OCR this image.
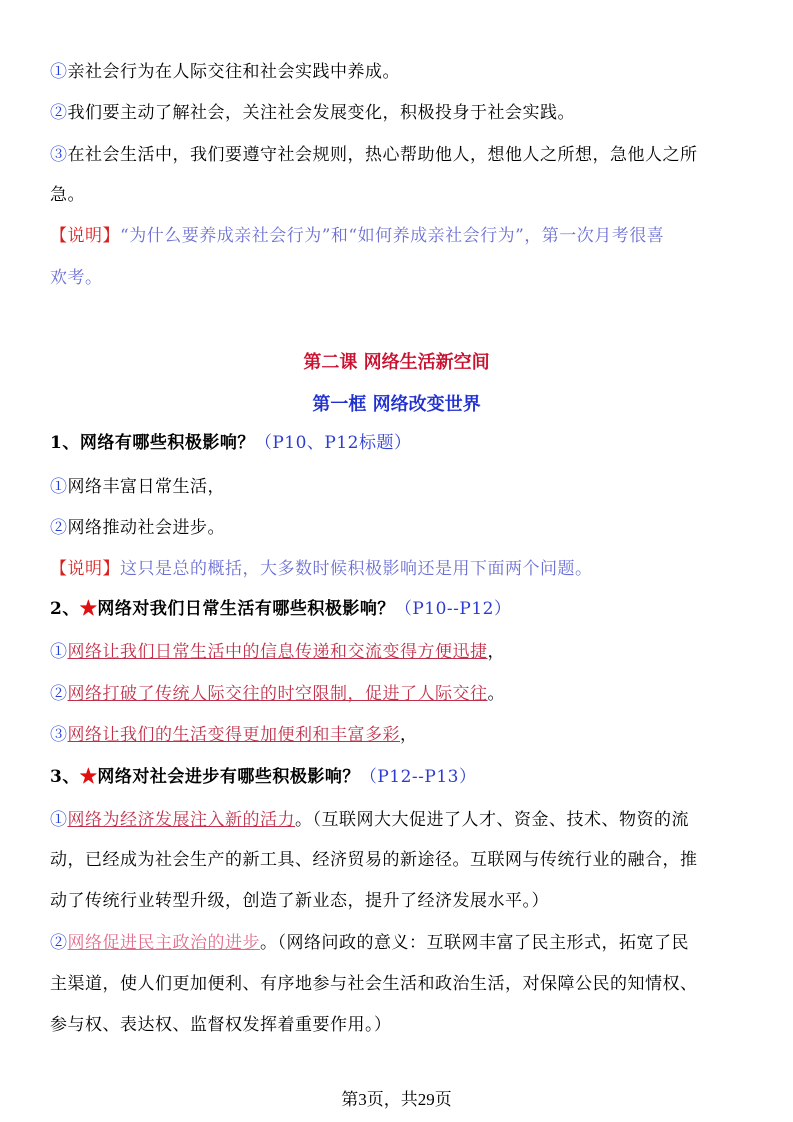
①亲社会行为在人际交往和社会实践中养成。
②我们要主动了解社会，关注社会发展变化，积极投身于社会实践。
③在社会生活中，我们要遵守社会规则，热心帮助他人，想他人之所想，急他人之所
急。
【说明】“为什么要养成亲社会行为”和“如何养成亲社会行为”，第一次月考很喜
欢考。
第二课 网络生活新空间
第一框 网络改变世界
1、网络有哪些积极影响？（P10、P12标题）
①网络丰富日常生活，
②网络推动社会进步。
【说明】这只是总的概括，大多数时候积极影响还是用下面两个问题。
2、★网络对我们日常生活有哪些积极影响？（P10--P12）
①网络让我们日常生活中的信息传递和交流变得方便迅捷，
②网络打破了传统人际交往的时空限制，促进了人际交往。
③网络让我们的生活变得更加便利和丰富多彩，
3、★网络对社会进步有哪些积极影响？（P12--P13）
①网络为经济发展注入新的活力。（互联网大大促进了人才、资金、技术、物资的流
动，已经成为社会生产的新工具、经济贸易的新途径。互联网与传统行业的融合，推
动了传统行业转型升级，创造了新业态，提升了经济发展水平。）
②网络促进民主政治的进步。（网络问政的意义：互联网丰富了民主形式，拓宽了民
主渠道，使人们更加便利、有序地参与社会生活和政治生活，对保障公民的知情权、
参与权、表达权、监督权发挥着重要作用。）
第3页，共29页
